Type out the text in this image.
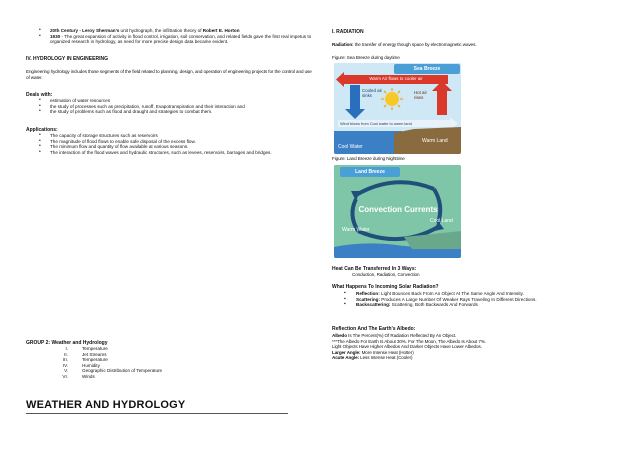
• 20th Century - Leroy Sherman’s unit hydrograph, the infiltration theory of Robert E. Horton
• 1930 - The great expansion of activity in flood control, irrigation, soil conservation, and related fields gave the first real impetus to organized research in hydrology, as need for more precise design data became evident.
IV. HYDROLOGY IN ENGINEERING
Engineering hydrology includes those segments of the field related to planning, design, and operation of engineering projects for the control and use of water.
Deals with:
• estimation of water resources
• the study of processes such as precipitation, runoff, Evapotranspiration and their interaction and
• the study of problems such as flood and draught and strategies to combat them.
Applications:
• The capacity of storage structures such as reservoirs
• The magnitude of flood flows to enable safe disposal of the excess flow.
• The minimum flow and quantity of flow available at various seasons.
• The interaction of the flood waves and hydraulic structures, such as levees, reservoirs, barrages and bridges.
GROUP 2: Weather and Hydrology
I.	Temperature
II.	Jet Streams
III.	Temperature
IV.	Humidity
V.	Geographic Distribution of Temperature
VI.	Winds
WEATHER AND HYDROLOGY
I. RADIATION
Radiation: the transfer of energy though space by electromagnetic waves.
Figure: Sea Breeze during daytime
Sea Breeze
Warm Air flows to cooler air
Cooled air sinks
Hot air rises
Wind blows from Cool water to warm land
Cool Water
Warm Land
Figure: Land Breeze during Nighttime
Land Breeze
Convection Currents
Cool Land
Warm Water
Heat Can Be Transferred In 3 Ways:
Conduction, Radiation, Convection
What Happens To Incoming Solar Radiation?
▪ Reflection: Light Bounces Back From An Object At The Same Angle And Intensity.
▪ Scattering: Produces A Large Number Of Weaker Rays Traveling In Different Directions.
▪ Backscattering: Scattering, Both Backwards And Forwards
Reflection And The Earth’s Albedo:
Albedo Is The Percent(%) Of Radiation Reflected By An Object.
***The Albedo For Earth Is About 30%. For The Moon, The Albedo Is About 7%.
Light Objects Have Higher Albedos And Darker Objects Have Lower Albedos.
Larger Angle: More Intense Heat (Hotter)
Acute Angle: Less Intense Heat (Cooler)
